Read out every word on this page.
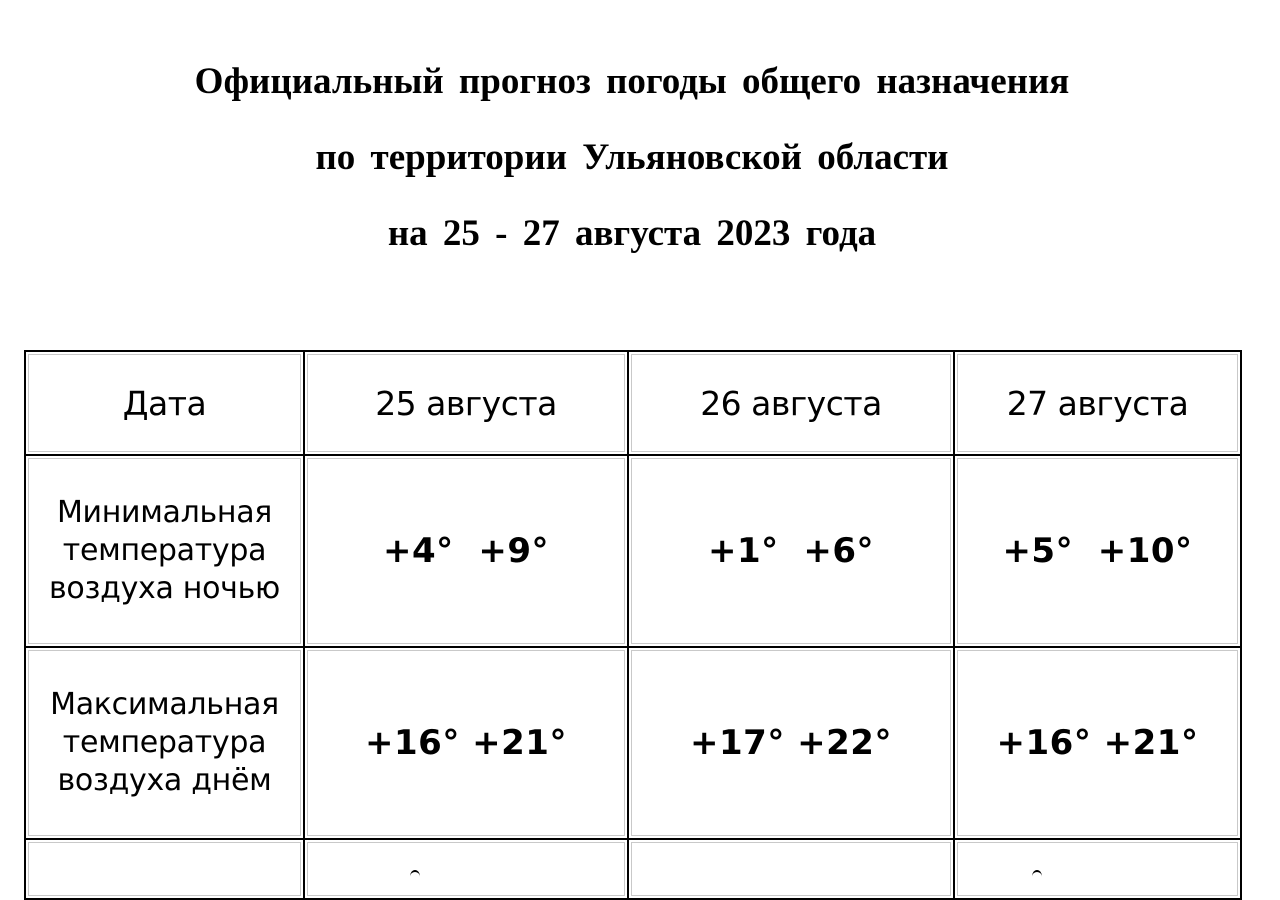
Официальный прогноз погоды общего назначения
по территории Ульяновской области
на 25 - 27 августа 2023 года
Дата	25 августа	26 августа	27 августа

Минимальная
температура
воздуха ночью	+4°  +9°	+1°  +6°	+5°  +10°

Максимальная
температура
воздуха днём	+16° +21°	+17° +22°	+16° +21°
